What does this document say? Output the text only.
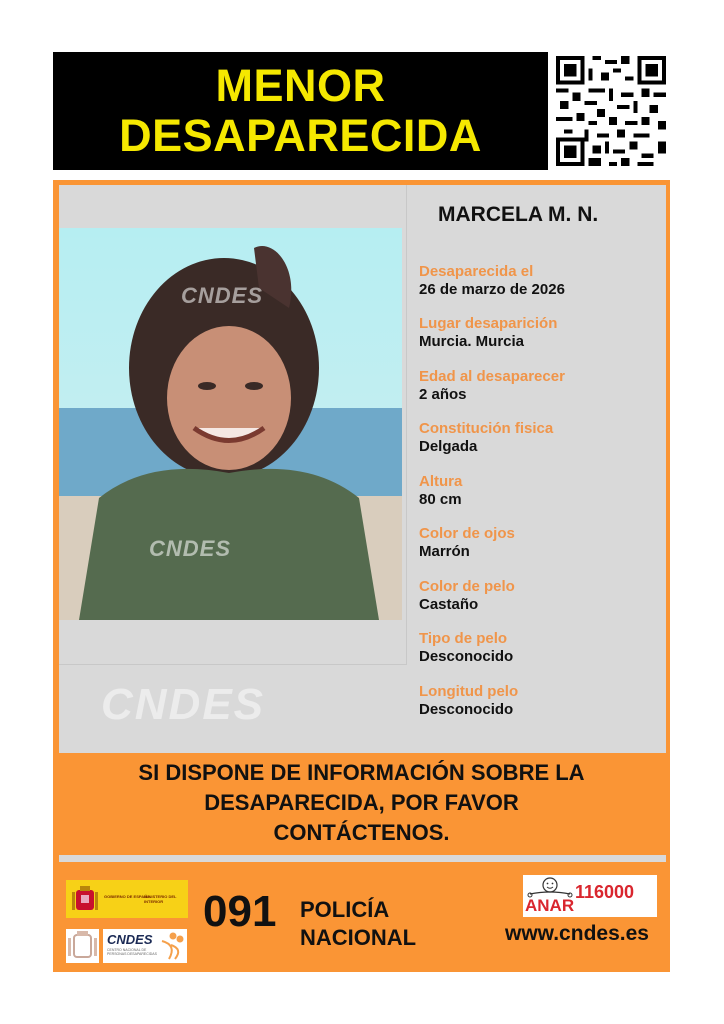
MENOR
DESAPARECIDA
CNDES
CNDES
CNDES
MARCELA M. N.
Desaparecida el
26 de marzo de 2026
Lugar desaparición
Murcia. Murcia
Edad al desaparecer
2 años
Constitución fisica
Delgada
Altura
80 cm
Color de ojos
Marrón
Color de pelo
Castaño
Tipo de pelo
Desconocido
Longitud pelo
Desconocido
SI DISPONE DE INFORMACIÓN SOBRE LA
DESAPARECIDA, POR FAVOR
CONTÁCTENOS.
GOBIERNO DE ESPAÑA
MINISTERIO DEL INTERIOR
CNDES
CENTRO NACIONAL DE PERSONAS DESAPARECIDAS
091 POLICÍA
NACIONAL
ANAR
116000
www.cndes.es
